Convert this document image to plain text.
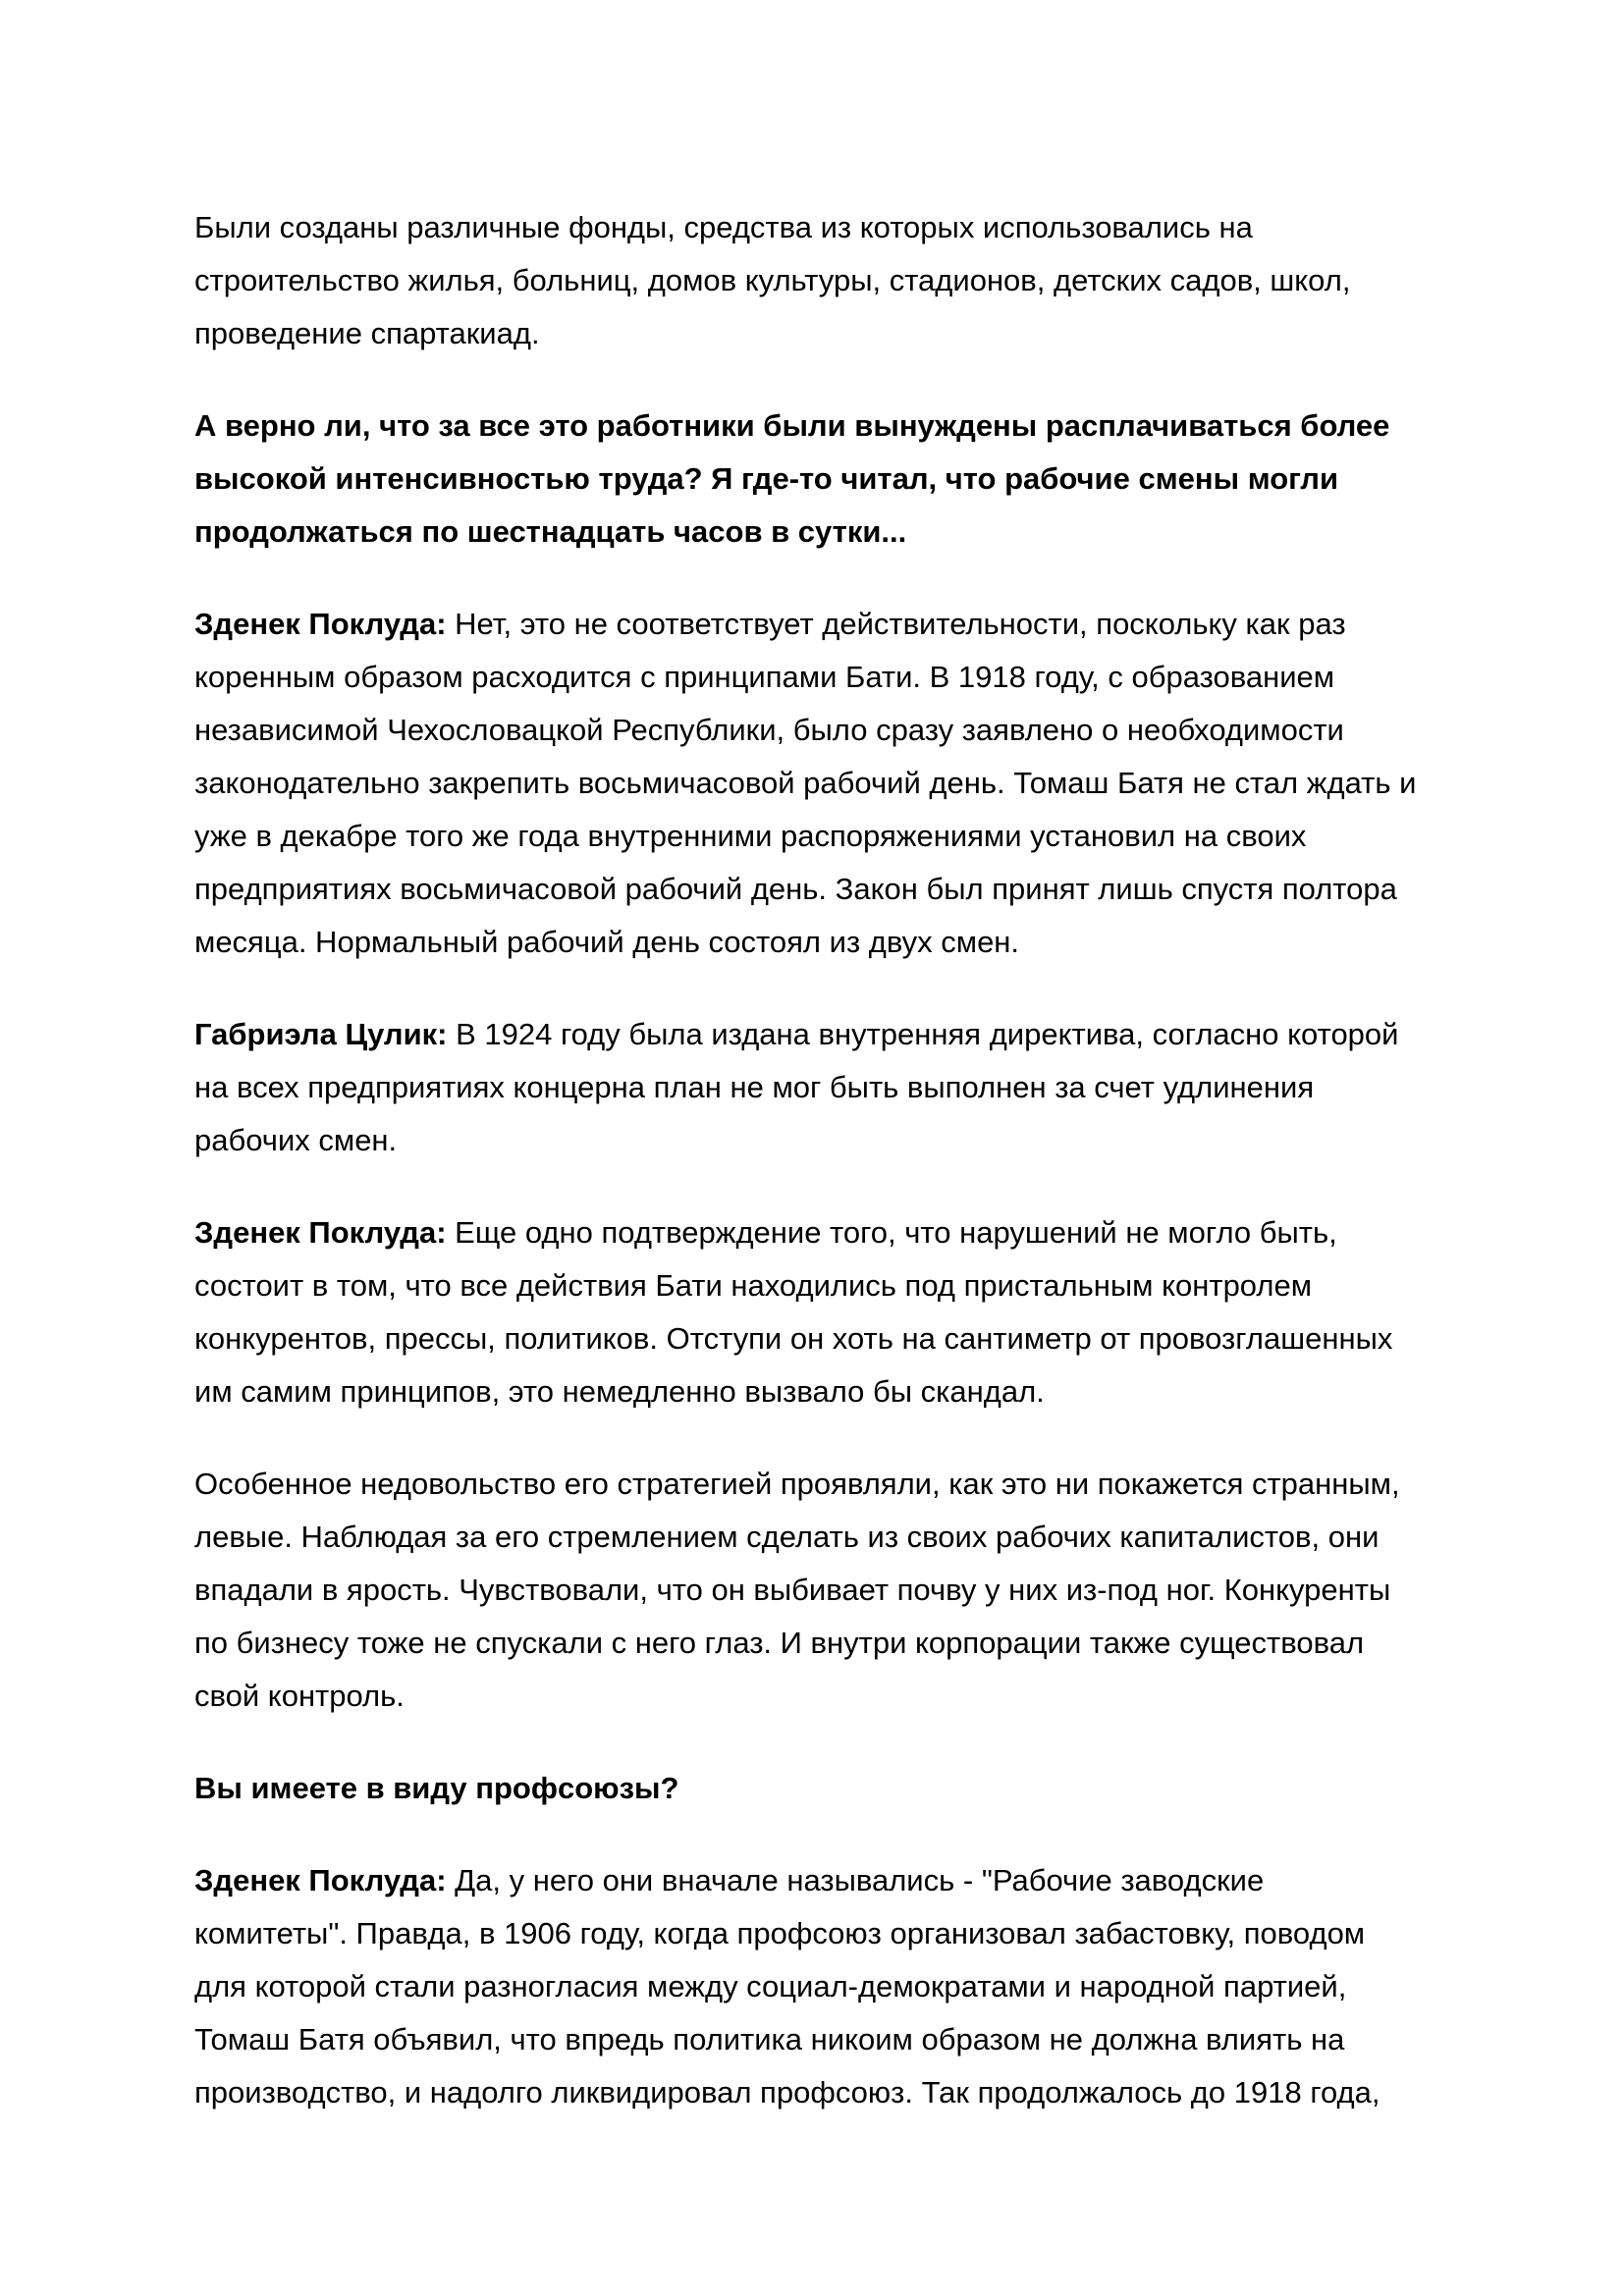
Были созданы различные фонды, средства из которых использовались на
строительство жилья, больниц, домов культуры, стадионов, детских садов, школ,
проведение спартакиад.

А верно ли, что за все это работники были вынуждены расплачиваться более
высокой интенсивностью труда? Я где-то читал, что рабочие смены могли
продолжаться по шестнадцать часов в сутки...

Зденек Поклуда: Нет, это не соответствует действительности, поскольку как раз
коренным образом расходится с принципами Бати. В 1918 году, с образованием
независимой Чехословацкой Республики, было сразу заявлено о необходимости
законодательно закрепить восьмичасовой рабочий день. Томаш Батя не стал ждать и
уже в декабре того же года внутренними распоряжениями установил на своих
предприятиях восьмичасовой рабочий день. Закон был принят лишь спустя полтора
месяца. Нормальный рабочий день состоял из двух смен.

Габриэла Цулик: В 1924 году была издана внутренняя директива, согласно которой
на всех предприятиях концерна план не мог быть выполнен за счет удлинения
рабочих смен.

Зденек Поклуда: Еще одно подтверждение того, что нарушений не могло быть,
состоит в том, что все действия Бати находились под пристальным контролем
конкурентов, прессы, политиков. Отступи он хоть на сантиметр от провозглашенных
им самим принципов, это немедленно вызвало бы скандал.

Особенное недовольство его стратегией проявляли, как это ни покажется странным,
левые. Наблюдая за его стремлением сделать из своих рабочих капиталистов, они
впадали в ярость. Чувствовали, что он выбивает почву у них из-под ног. Конкуренты
по бизнесу тоже не спускали с него глаз. И внутри корпорации также существовал
свой контроль.

Вы имеете в виду профсоюзы?

Зденек Поклуда: Да, у него они вначале назывались - "Рабочие заводские
комитеты". Правда, в 1906 году, когда профсоюз организовал забастовку, поводом
для которой стали разногласия между социал-демократами и народной партией,
Томаш Батя объявил, что впредь политика никоим образом не должна влиять на
производство, и надолго ликвидировал профсоюз. Так продолжалось до 1918 года,
